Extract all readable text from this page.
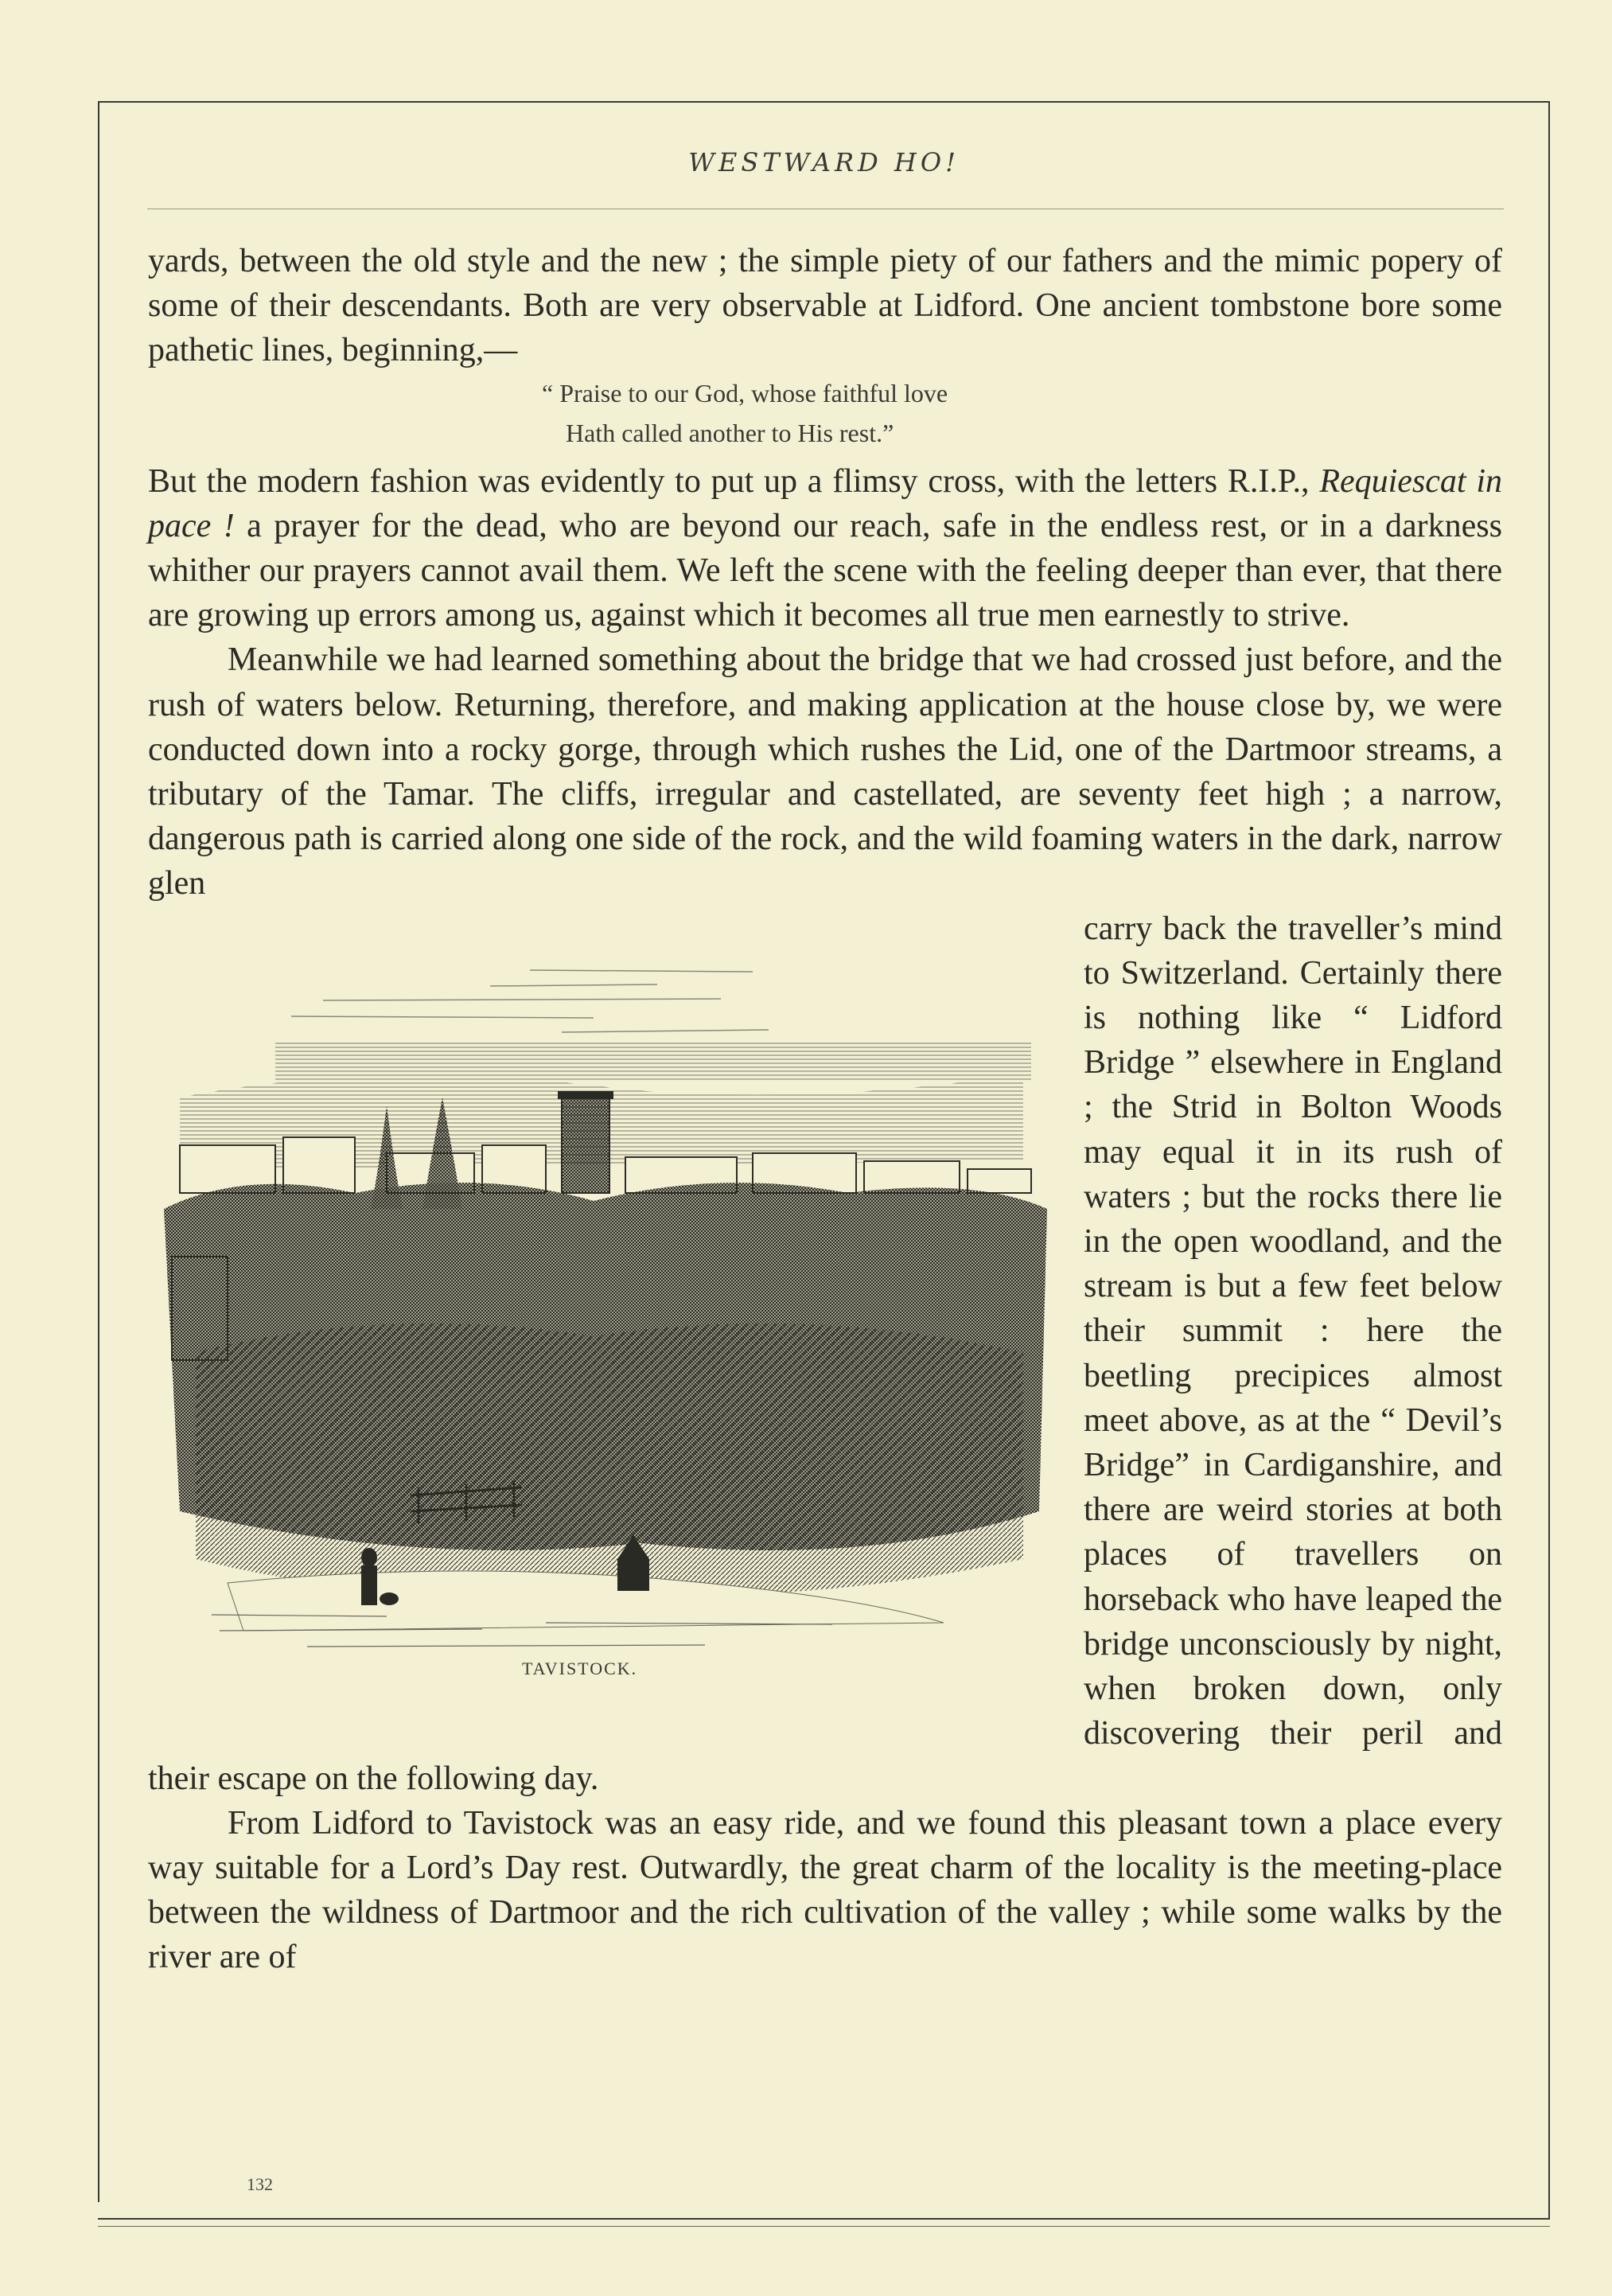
WESTWARD HO!

yards, between the old style and the new ; the simple piety of our fathers and the mimic popery of some of their descendants. Both are very observable at Lidford. One ancient tombstone bore some pathetic lines, beginning,—

“ Praise to our God, whose faithful love
Hath called another to His rest.”

But the modern fashion was evidently to put up a flimsy cross, with the letters R.I.P., Requiescat in pace ! a prayer for the dead, who are beyond our reach, safe in the endless rest, or in a darkness whither our prayers cannot avail them. We left the scene with the feeling deeper than ever, that there are growing up errors among us, against which it becomes all true men earnestly to strive.

Meanwhile we had learned something about the bridge that we had crossed just before, and the rush of waters below. Returning, therefore, and making application at the house close by, we were conducted down into a rocky gorge, through which rushes the Lid, one of the Dartmoor streams, a tributary of the Tamar. The cliffs, irregular and castellated, are seventy feet high ; a narrow, dangerous path is carried along one side of the rock, and the wild foaming waters in the dark, narrow glen

TAVISTOCK.

carry back the traveller’s mind to Switzerland. Certainly there is nothing like “ Lidford Bridge ” elsewhere in England ; the Strid in Bolton Woods may equal it in its rush of waters ; but the rocks there lie in the open woodland, and the stream is but a few feet below their summit : here the beetling precipices almost meet above, as at the “ Devil’s Bridge” in Cardiganshire, and there are weird stories at both places of travellers on horseback who have leaped the bridge unconsciously by night, when broken down, only discovering their peril and their escape on the following day.

From Lidford to Tavistock was an easy ride, and we found this pleasant town a place every way suitable for a Lord’s Day rest. Outwardly, the great charm of the locality is the meeting-place between the wildness of Dartmoor and the rich cultivation of the valley ; while some walks by the river are of

132
